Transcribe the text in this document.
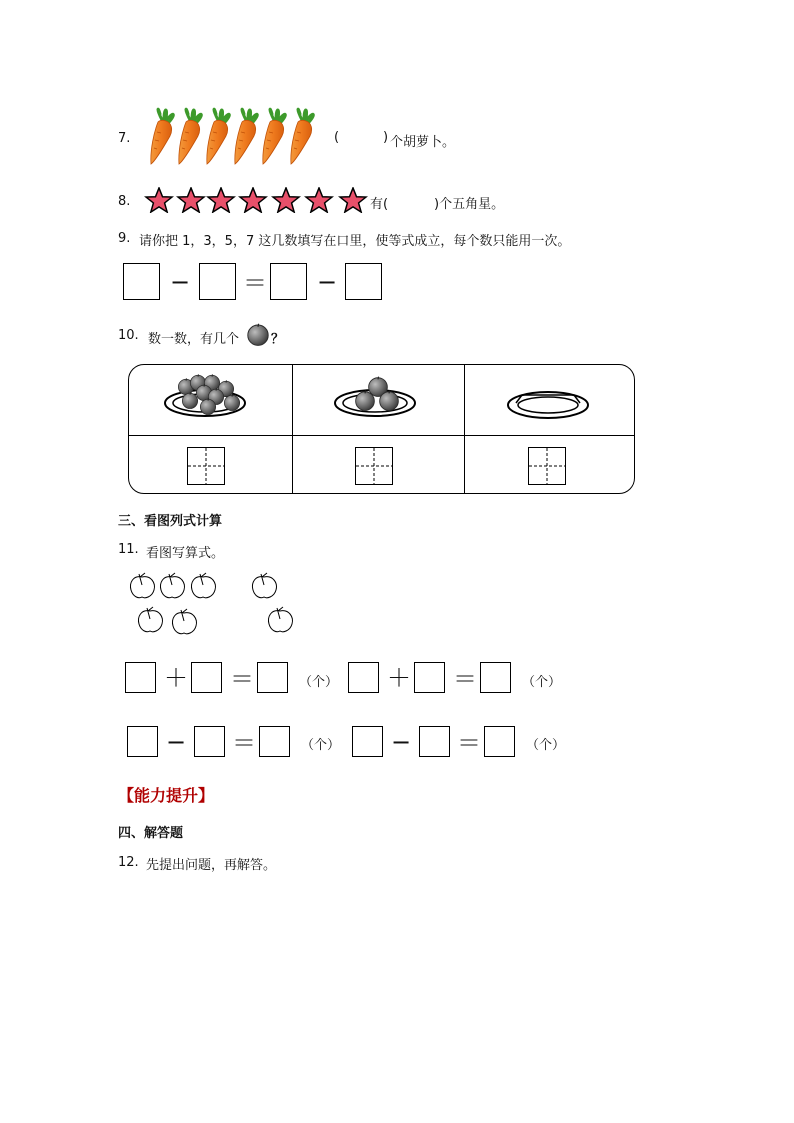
7.	(	) 个胡萝卜。
8.	有(	)个五角星。
9. 请你把 1，3，5，7 这几数填写在口里，使等式成立，每个数只能用一次。
− ＝ −
10. 数一数，有几个 ？
三、看图列式计算
11. 看图写算式。
＋ ＝	（个） ＋ ＝	（个）
− ＝	（个） − ＝	（个）
【能力提升】
四、解答题
12. 先提出问题，再解答。
